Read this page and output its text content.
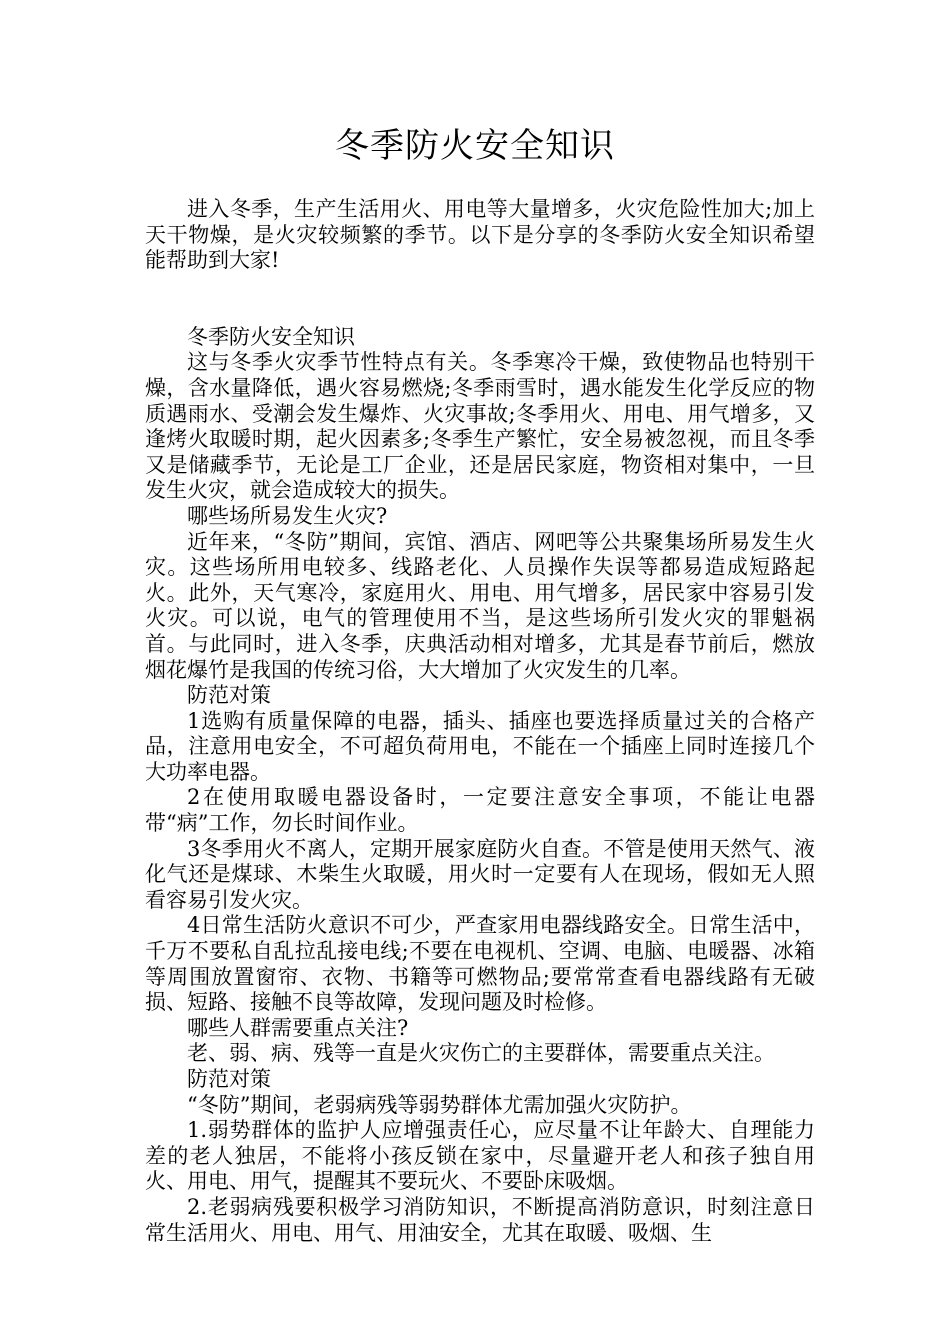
冬季防火安全知识

进入冬季，生产生活用火、用电等大量增多，火灾危险性加大;加上天干物燥，是火灾较频繁的季节。以下是分享的冬季防火安全知识希望能帮助到大家!

冬季防火安全知识

这与冬季火灾季节性特点有关。冬季寒冷干燥，致使物品也特别干燥，含水量降低，遇火容易燃烧;冬季雨雪时，遇水能发生化学反应的物质遇雨水、受潮会发生爆炸、火灾事故;冬季用火、用电、用气增多，又逢烤火取暖时期，起火因素多;冬季生产繁忙，安全易被忽视，而且冬季又是储藏季节，无论是工厂企业，还是居民家庭，物资相对集中，一旦发生火灾，就会造成较大的损失。

哪些场所易发生火灾?

近年来，“冬防”期间，宾馆、酒店、网吧等公共聚集场所易发生火灾。这些场所用电较多、线路老化、人员操作失误等都易造成短路起火。此外，天气寒冷，家庭用火、用电、用气增多，居民家中容易引发火灾。可以说，电气的管理使用不当，是这些场所引发火灾的罪魁祸首。与此同时，进入冬季，庆典活动相对增多，尤其是春节前后，燃放烟花爆竹是我国的传统习俗，大大增加了火灾发生的几率。

防范对策

1选购有质量保障的电器，插头、插座也要选择质量过关的合格产品，注意用电安全，不可超负荷用电，不能在一个插座上同时连接几个大功率电器。

2在使用取暖电器设备时，一定要注意安全事项，不能让电器带“病”工作，勿长时间作业。

3冬季用火不离人，定期开展家庭防火自查。不管是使用天然气、液化气还是煤球、木柴生火取暖，用火时一定要有人在现场，假如无人照看容易引发火灾。

4日常生活防火意识不可少，严查家用电器线路安全。日常生活中，千万不要私自乱拉乱接电线;不要在电视机、空调、电脑、电暖器、冰箱等周围放置窗帘、衣物、书籍等可燃物品;要常常查看电器线路有无破损、短路、接触不良等故障，发现问题及时检修。

哪些人群需要重点关注?

老、弱、病、残等一直是火灾伤亡的主要群体，需要重点关注。

防范对策

“冬防”期间，老弱病残等弱势群体尤需加强火灾防护。

1.弱势群体的监护人应增强责任心，应尽量不让年龄大、自理能力差的老人独居，不能将小孩反锁在家中，尽量避开老人和孩子独自用火、用电、用气，提醒其不要玩火、不要卧床吸烟。

2.老弱病残要积极学习消防知识，不断提高消防意识，时刻注意日常生活用火、用电、用气、用油安全，尤其在取暖、吸烟、生
